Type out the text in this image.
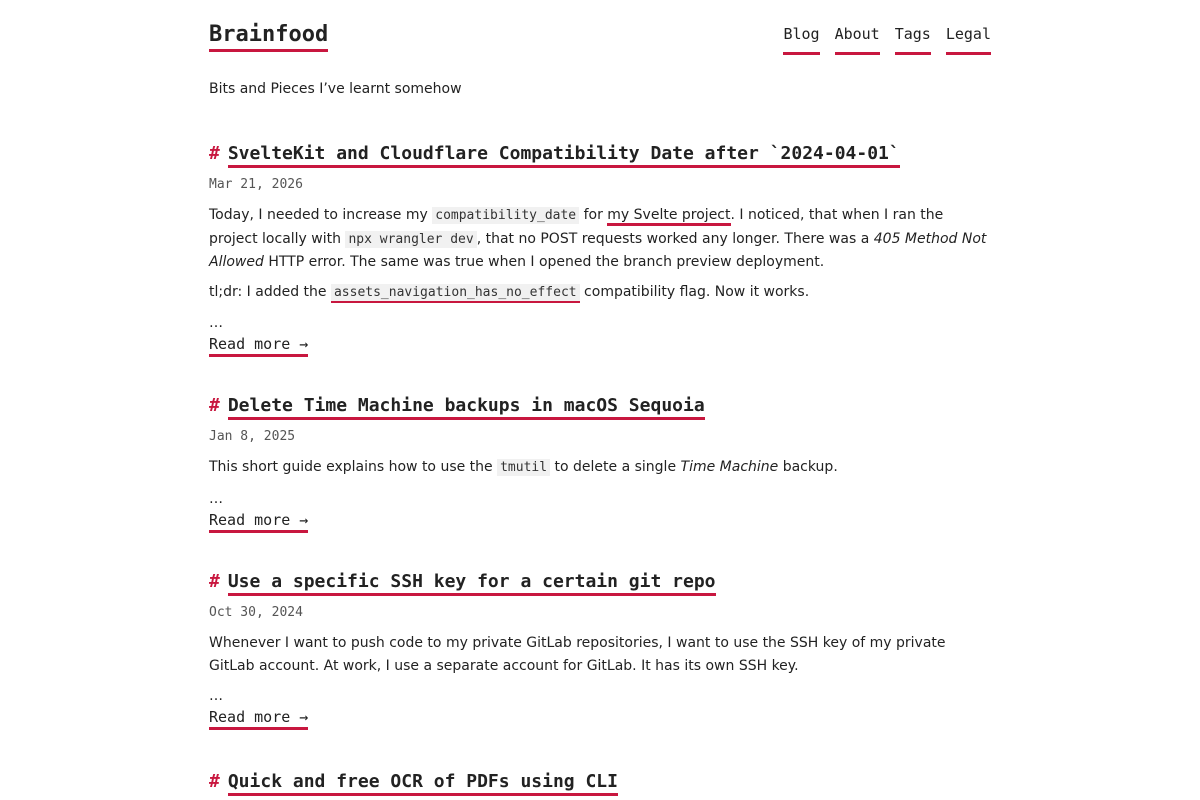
Brainfood	Blog About Tags Legal
Bits and Pieces I’ve learnt somehow
# SvelteKit and Cloudflare Compatibility Date after `2024-04-01`
Mar 21, 2026

Today, I needed to increase my compatibility_date for my Svelte project. I noticed, that when I ran the project locally with npx wrangler dev , that no POST requests worked any longer. There was a 405 Method Not Allowed HTTP error. The same was true when I opened the branch preview deployment.

tl;dr: I added the assets_navigation_has_no_effect compatibility flag. Now it works.

…
Read more →
# Delete Time Machine backups in macOS Sequoia
Jan 8, 2025

This short guide explains how to use the tmutil to delete a single Time Machine backup.

…
Read more →
# Use a specific SSH key for a certain git repo
Oct 30, 2024

Whenever I want to push code to my private GitLab repositories, I want to use the SSH key of my private GitLab account. At work, I use a separate account for GitLab. It has its own SSH key.

…
Read more →
# Quick and free OCR of PDFs using CLI
